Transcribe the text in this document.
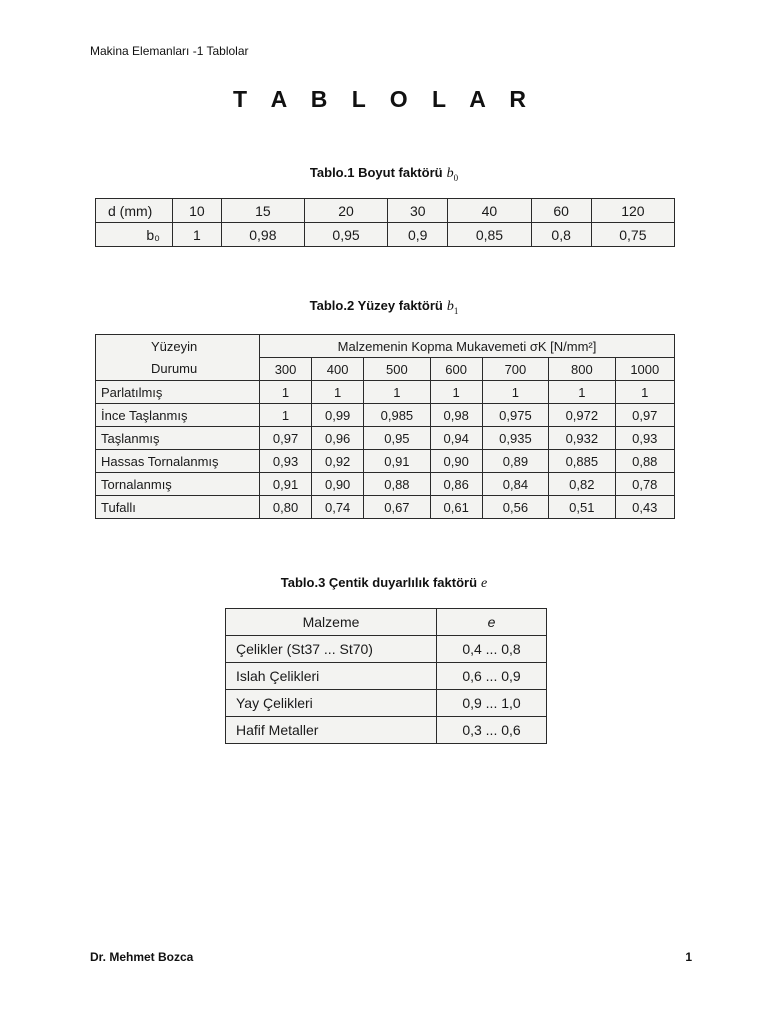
Makina Elemanları -1 Tablolar
T A B L O L A R
Tablo.1 Boyut faktörü $b_0$
d (mm)	10	15	20	30	40	60	120
b₀	1	0,98	0,95	0,9	0,85	0,8	0,75
Tablo.2 Yüzey faktörü $b_1$
Yüzeyin	Malzemenin Kopma Mukavemeti σK [N/mm²]						
Durumu	300	400	500	600	700	800	1000
Parlatılmış	1	1	1	1	1	1	1
İnce Taşlanmış	1	0,99	0,985	0,98	0,975	0,972	0,97
Taşlanmış	0,97	0,96	0,95	0,94	0,935	0,932	0,93
Hassas Tornalanmış	0,93	0,92	0,91	0,90	0,89	0,885	0,88
Tornalanmış	0,91	0,90	0,88	0,86	0,84	0,82	0,78
Tufallı	0,80	0,74	0,67	0,61	0,56	0,51	0,43
Tablo.3 Çentik duyarlılık faktörü e
Malzeme	e
Çelikler (St37 ... St70)	0,4 ... 0,8
Islah Çelikleri	0,6 ... 0,9
Yay Çelikleri	0,9 ... 1,0
Hafif Metaller	0,3 ... 0,6
Dr. Mehmet Bozca	1
